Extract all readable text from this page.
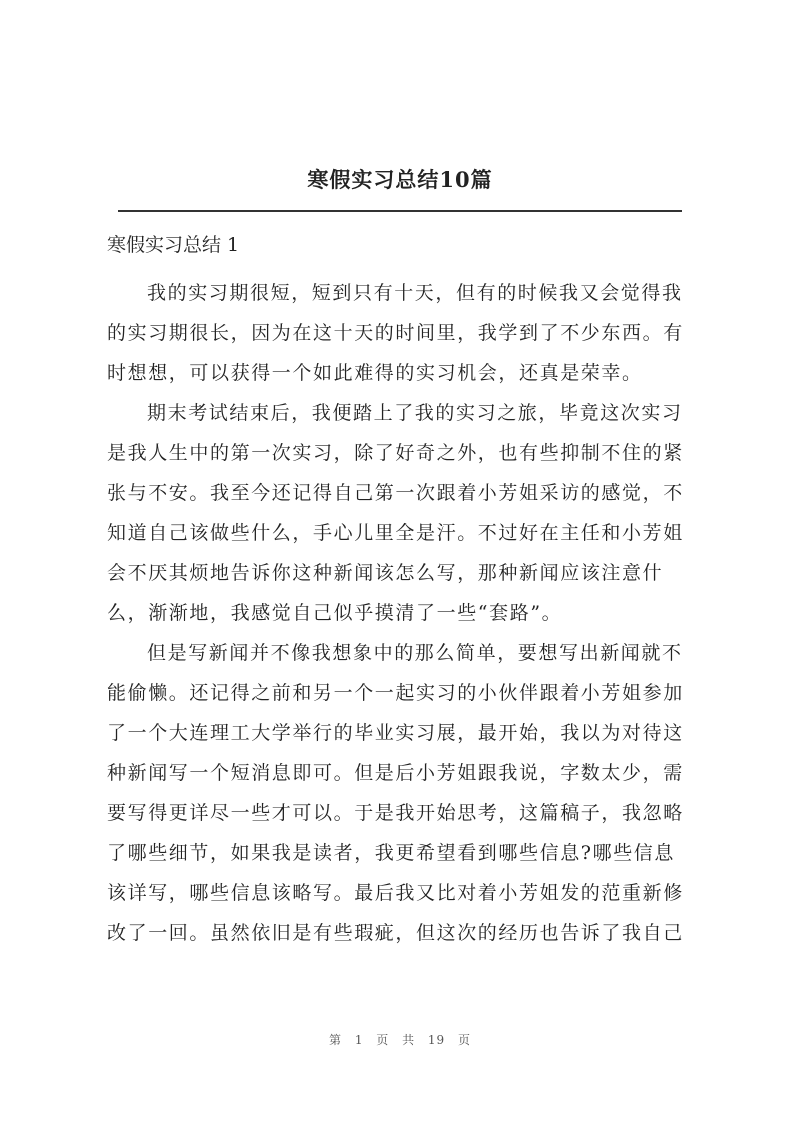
寒假实习总结10篇
寒假实习总结 1
我的实习期很短，短到只有十天，但有的时候我又会觉得我
的实习期很长，因为在这十天的时间里，我学到了不少东西。有
时想想，可以获得一个如此难得的实习机会，还真是荣幸。
期末考试结束后，我便踏上了我的实习之旅，毕竟这次实习
是我人生中的第一次实习，除了好奇之外，也有些抑制不住的紧
张与不安。我至今还记得自己第一次跟着小芳姐采访的感觉，不
知道自己该做些什么，手心儿里全是汗。不过好在主任和小芳姐
会不厌其烦地告诉你这种新闻该怎么写，那种新闻应该注意什
么，渐渐地，我感觉自己似乎摸清了一些“套路”。
但是写新闻并不像我想象中的那么简单，要想写出新闻就不
能偷懒。还记得之前和另一个一起实习的小伙伴跟着小芳姐参加
了一个大连理工大学举行的毕业实习展，最开始，我以为对待这
种新闻写一个短消息即可。但是后小芳姐跟我说，字数太少，需
要写得更详尽一些才可以。于是我开始思考，这篇稿子，我忽略
了哪些细节，如果我是读者，我更希望看到哪些信息?哪些信息
该详写，哪些信息该略写。最后我又比对着小芳姐发的范重新修
改了一回。虽然依旧是有些瑕疵，但这次的经历也告诉了我自己
第 1 页 共 19 页
